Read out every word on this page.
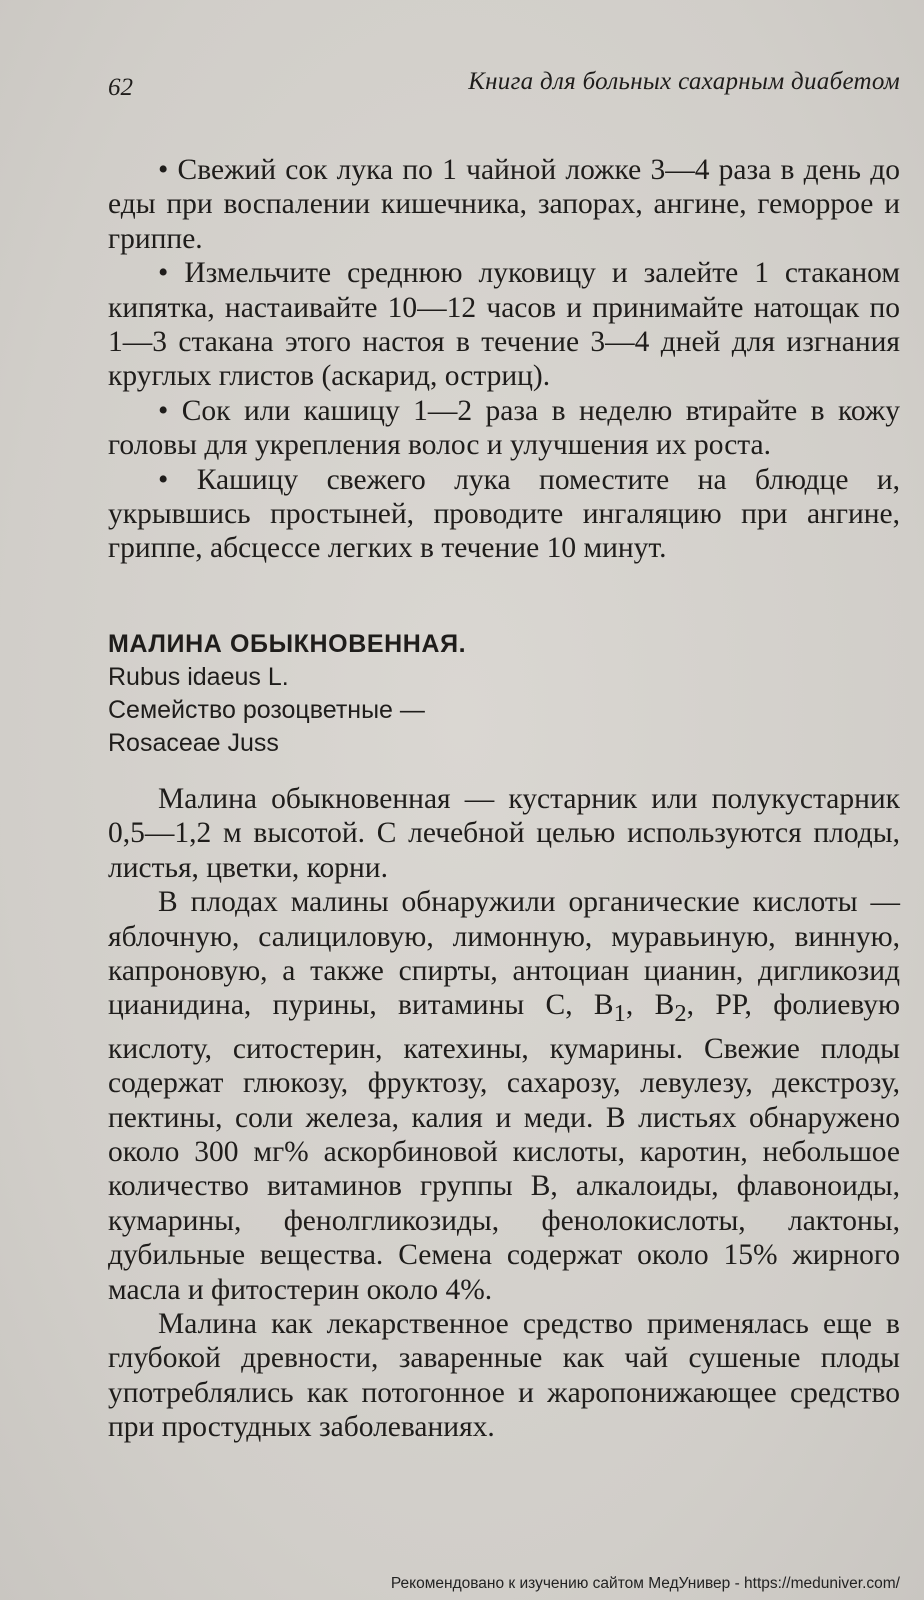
62	Книга для больных сахарным диабетом

• Свежий сок лука по 1 чайной ложке 3—4 раза в день до еды при воспалении кишечника, запорах, ангине, геморрое и гриппе.

• Измельчите среднюю луковицу и залейте 1 стаканом кипятка, настаивайте 10—12 часов и принимайте натощак по 1—3 стакана этого настоя в течение 3—4 дней для изгнания круглых глистов (аскарид, остриц).

• Сок или кашицу 1—2 раза в неделю втирайте в кожу головы для укрепления волос и улучшения их роста.

• Кашицу свежего лука поместите на блюдце и, укрывшись простыней, проводите ингаляцию при ангине, гриппе, абсцессе легких в течение 10 минут.

МАЛИНА ОБЫКНОВЕННАЯ.
Rubus idaeus L.
Семейство розоцветные —
Rosaceae Juss

Малина обыкновенная — кустарник или полукустарник 0,5—1,2 м высотой. С лечебной целью используются плоды, листья, цветки, корни.

В плодах малины обнаружили органические кислоты — яблочную, салициловую, лимонную, муравьиную, винную, капроновую, а также спирты, антоциан цианин, дигликозид цианидина, пурины, витамины С, $В_1$, $В_2$, РР, фолиевую кислоту, ситостерин, катехины, кумарины. Свежие плоды содержат глюкозу, фруктозу, сахарозу, левулезу, декстрозу, пектины, соли железа, калия и меди. В листьях обнаружено около 300 мг% аскорбиновой кислоты, каротин, небольшое количество витаминов группы В, алкалоиды, флавоноиды, кумарины, фенолгликозиды, фенолокислоты, лактоны, дубильные вещества. Семена содержат около 15% жирного масла и фитостерин около 4%.

Малина как лекарственное средство применялась еще в глубокой древности, заваренные как чай сушеные плоды употреблялись как потогонное и жаропонижающее средство при простудных заболеваниях.

Рекомендовано к изучению сайтом МедУнивер - https://meduniver.com/
